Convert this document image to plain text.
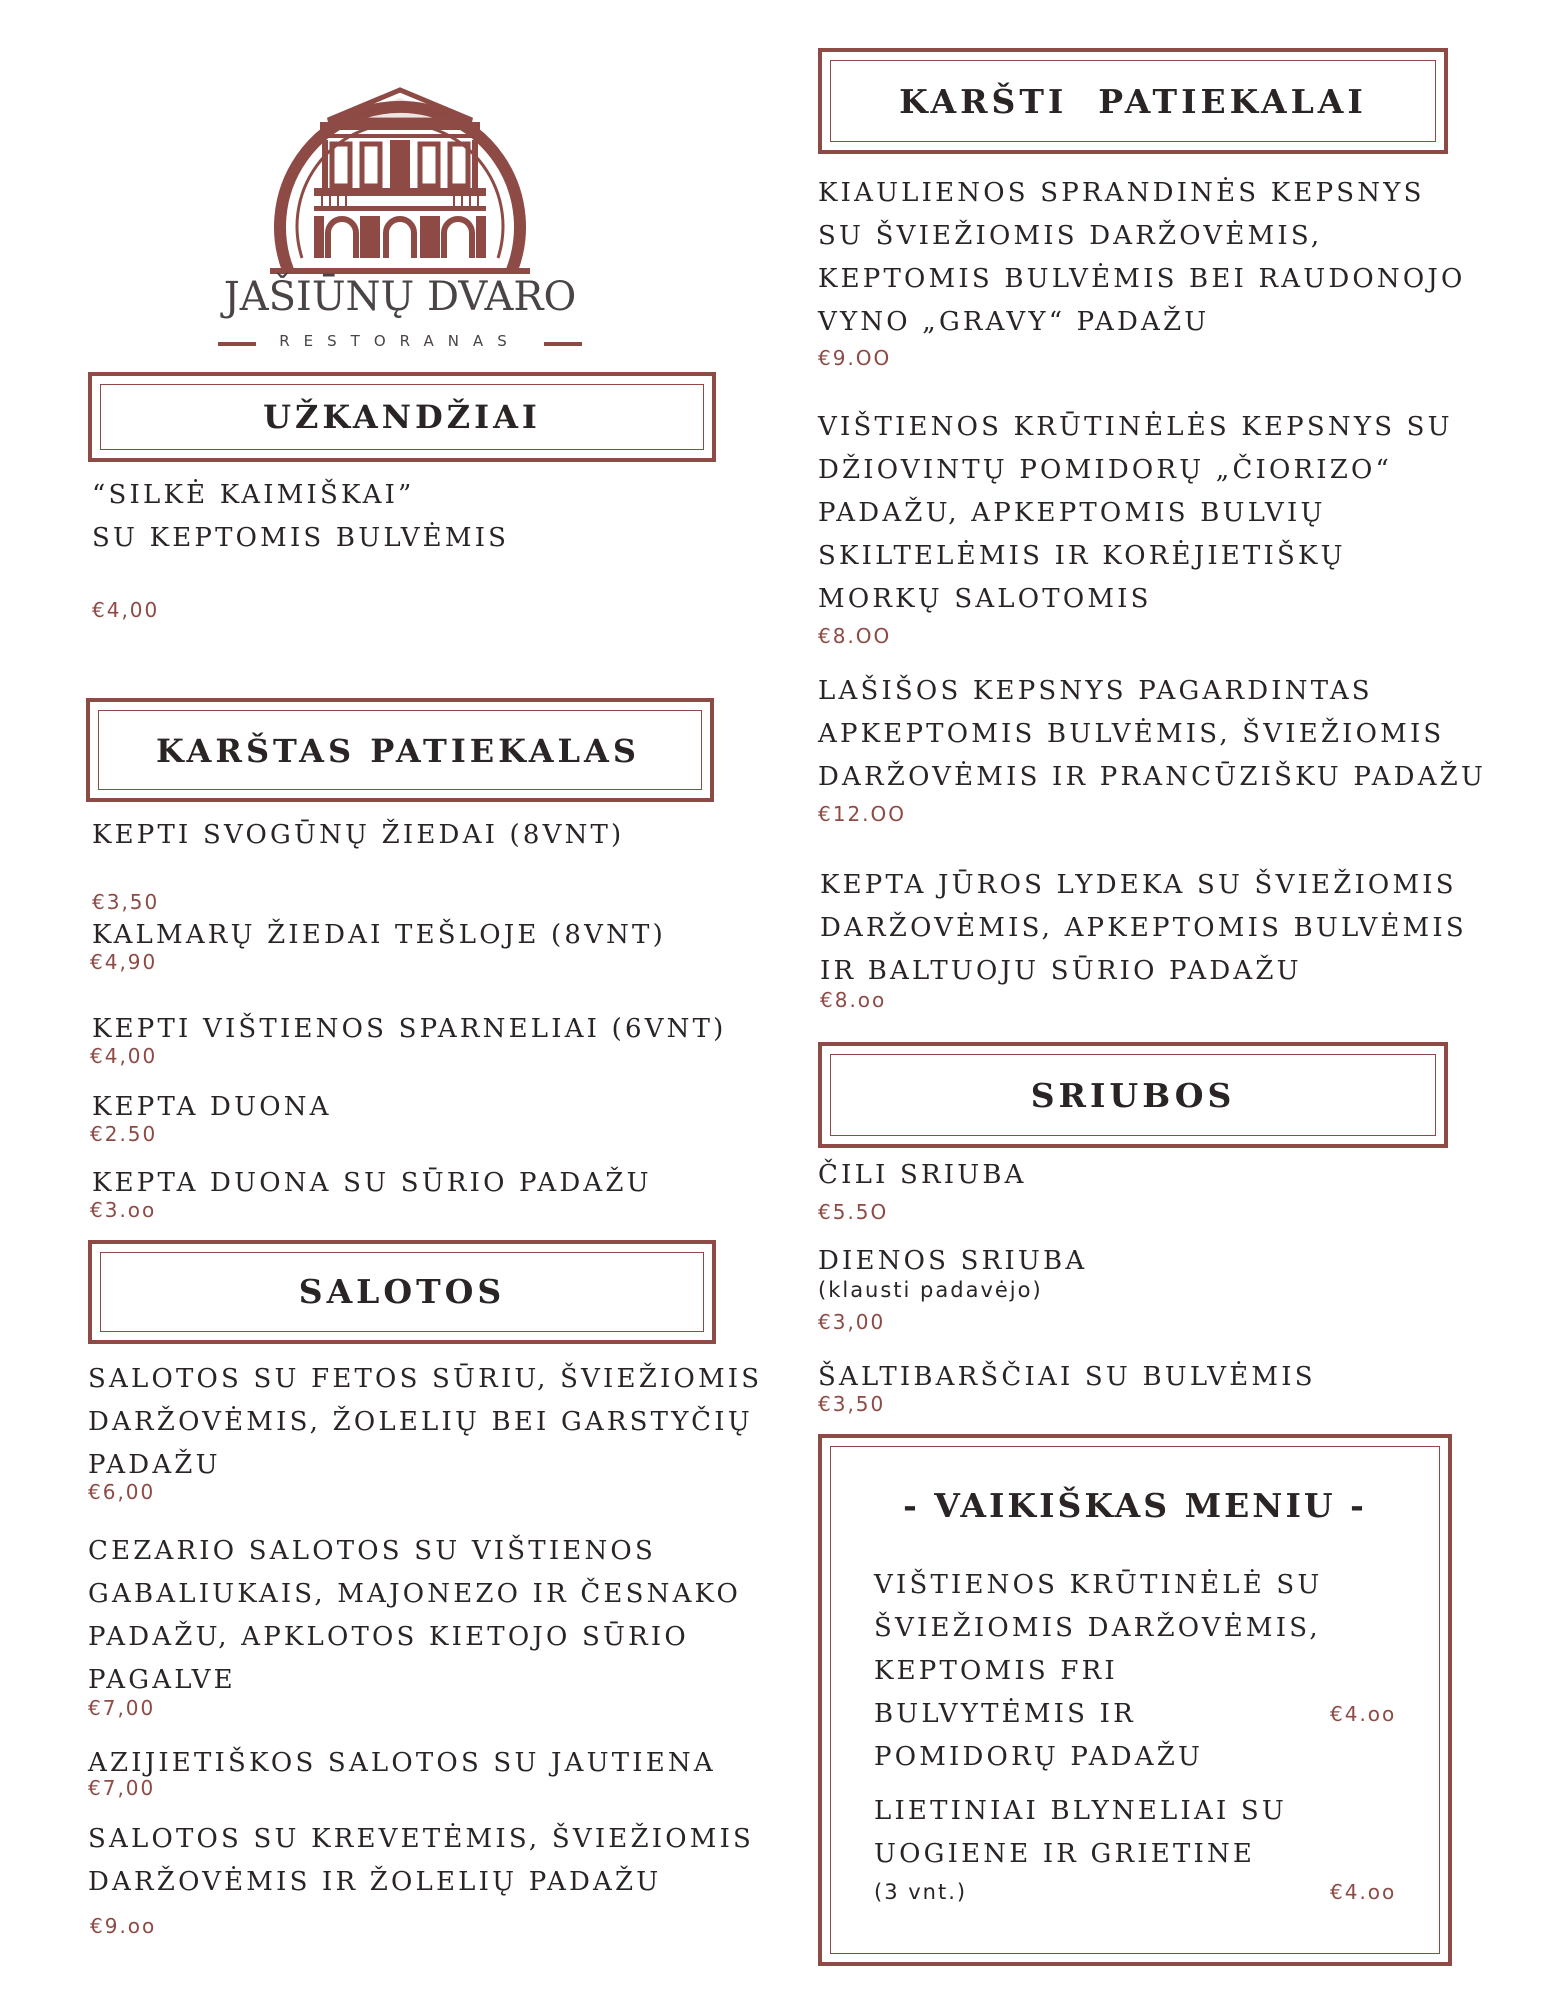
JAŠIŪNŲ DVARO
RESTORANAS
UŽKANDŽIAI
“SILKĖ KAIMIŠKAI”
SU KEPTOMIS BULVĖMIS
€4,00
KARŠTAS PATIEKALAS
KEPTI SVOGŪNŲ ŽIEDAI (8VNT)
€3,50
KALMARŲ ŽIEDAI TEŠLOJE (8VNT)
€4,90
KEPTI VIŠTIENOS SPARNELIAI (6VNT)
€4,00
KEPTA DUONA
€2.50
KEPTA DUONA SU SŪRIO PADAŽU
€3.oo
SALOTOS
SALOTOS SU FETOS SŪRIU, ŠVIEŽIOMIS
DARŽOVĖMIS, ŽOLELIŲ BEI GARSTYČIŲ
PADAŽU
€6,00
CEZARIO SALOTOS SU VIŠTIENOS
GABALIUKAIS, MAJONEZO IR ČESNAKO
PADAŽU, APKLOTOS KIETOJO SŪRIO
PAGALVE
€7,00
AZIJIETIŠKOS SALOTOS SU JAUTIENA
€7,00
SALOTOS SU KREVETĖMIS, ŠVIEŽIOMIS
DARŽOVĖMIS IR ŽOLELIŲ PADAŽU
€9.oo
KARŠTI  PATIEKALAI
KIAULIENOS SPRANDINĖS KEPSNYS
SU ŠVIEŽIOMIS DARŽOVĖMIS,
KEPTOMIS BULVĖMIS BEI RAUDONOJO
VYNO „GRAVY“ PADAŽU
€9.OO
VIŠTIENOS KRŪTINĖLĖS KEPSNYS SU
DŽIOVINTŲ POMIDORŲ „ČIORIZO“
PADAŽU, APKEPTOMIS BULVIŲ
SKILTELĖMIS IR KORĖJIETIŠKŲ
MORKŲ SALOTOMIS
€8.OO
LAŠIŠOS KEPSNYS PAGARDINTAS
APKEPTOMIS BULVĖMIS, ŠVIEŽIOMIS
DARŽOVĖMIS IR PRANCŪZIŠKU PADAŽU
€12.OO
KEPTA JŪROS LYDEKA SU ŠVIEŽIOMIS
DARŽOVĖMIS, APKEPTOMIS BULVĖMIS
IR BALTUOJU SŪRIO PADAŽU
€8.oo
SRIUBOS
ČILI SRIUBA
€5.5O
DIENOS SRIUBA
(klausti padavėjo)
€3,00
ŠALTIBARŠČIAI SU BULVĖMIS
€3,50
- VAIKIŠKAS MENIU -
VIŠTIENOS KRŪTINĖLĖ SU
ŠVIEŽIOMIS DARŽOVĖMIS,
KEPTOMIS FRI
BULVYTĖMIS IR
POMIDORŲ PADAŽU
€4.oo
LIETINIAI BLYNELIAI SU
UOGIENE IR GRIETINE
(3 vnt.)	€4.oo
